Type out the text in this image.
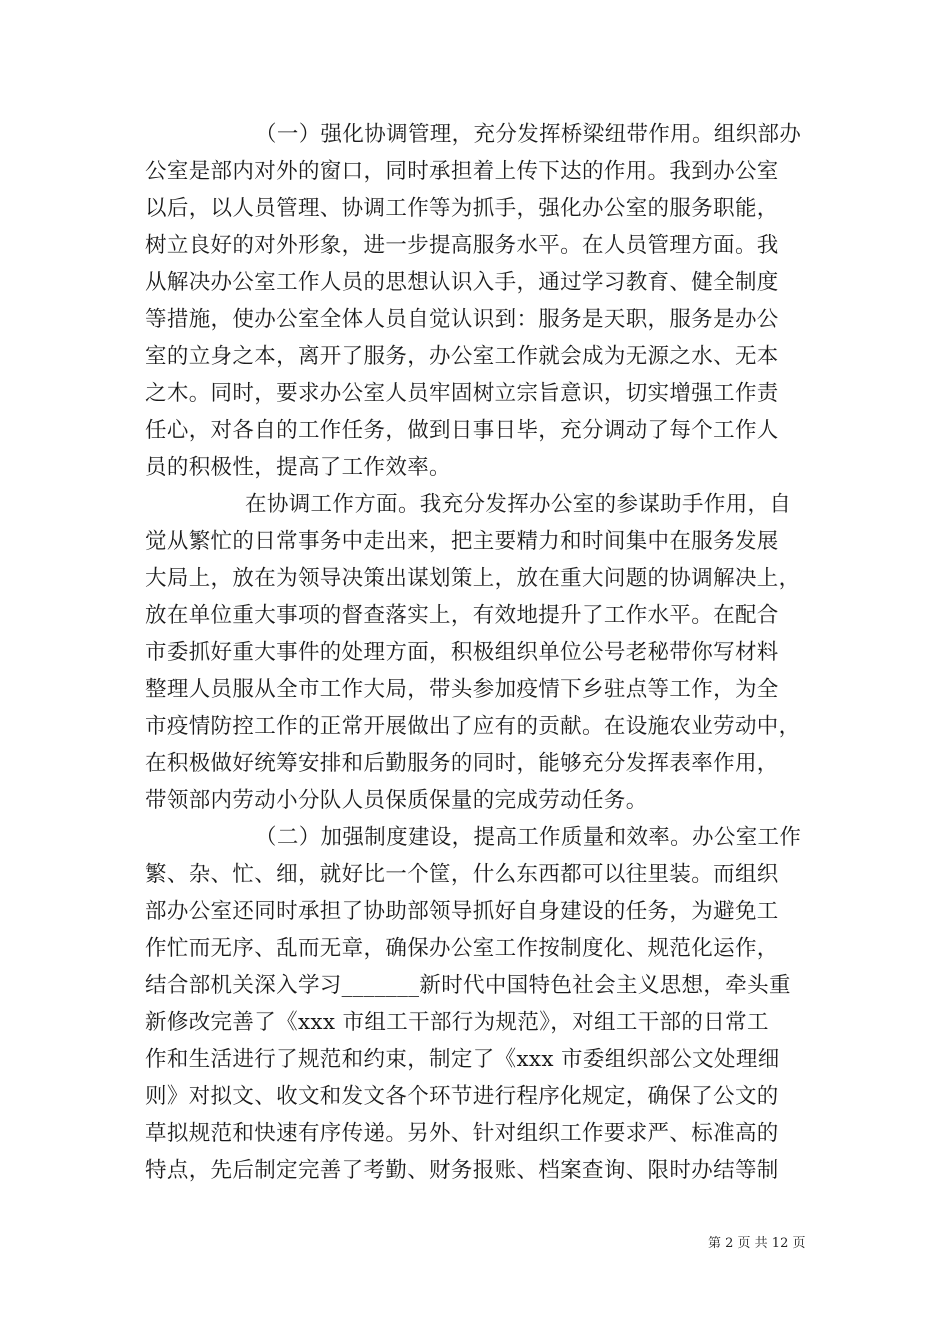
（一）强化协调管理，充分发挥桥梁纽带作用。组织部办
公室是部内对外的窗口，同时承担着上传下达的作用。我到办公室
以后，以人员管理、协调工作等为抓手，强化办公室的服务职能，
树立良好的对外形象，进一步提高服务水平。在人员管理方面。我
从解决办公室工作人员的思想认识入手，通过学习教育、健全制度
等措施，使办公室全体人员自觉认识到：服务是天职，服务是办公
室的立身之本，离开了服务，办公室工作就会成为无源之水、无本
之木。同时，要求办公室人员牢固树立宗旨意识，切实增强工作责
任心，对各自的工作任务，做到日事日毕，充分调动了每个工作人
员的积极性，提高了工作效率。
在协调工作方面。我充分发挥办公室的参谋助手作用，自
觉从繁忙的日常事务中走出来，把主要精力和时间集中在服务发展
大局上，放在为领导决策出谋划策上，放在重大问题的协调解决上，
放在单位重大事项的督查落实上，有效地提升了工作水平。在配合
市委抓好重大事件的处理方面，积极组织单位公号老秘带你写材料
整理人员服从全市工作大局，带头参加疫情下乡驻点等工作，为全
市疫情防控工作的正常开展做出了应有的贡献。在设施农业劳动中，
在积极做好统筹安排和后勤服务的同时，能够充分发挥表率作用，
带领部内劳动小分队人员保质保量的完成劳动任务。
（二）加强制度建设，提高工作质量和效率。办公室工作
繁、杂、忙、细，就好比一个筐，什么东西都可以往里装。而组织
部办公室还同时承担了协助部领导抓好自身建设的任务，为避免工
作忙而无序、乱而无章，确保办公室工作按制度化、规范化运作，
结合部机关深入学习_______新时代中国特色社会主义思想，牵头重
新修改完善了《xxx 市组工干部行为规范》，对组工干部的日常工
作和生活进行了规范和约束，制定了《xxx 市委组织部公文处理细
则》对拟文、收文和发文各个环节进行程序化规定，确保了公文的
草拟规范和快速有序传递。另外、针对组织工作要求严、标准高的
特点，先后制定完善了考勤、财务报账、档案查询、限时办结等制
第 2 页 共 12 页
